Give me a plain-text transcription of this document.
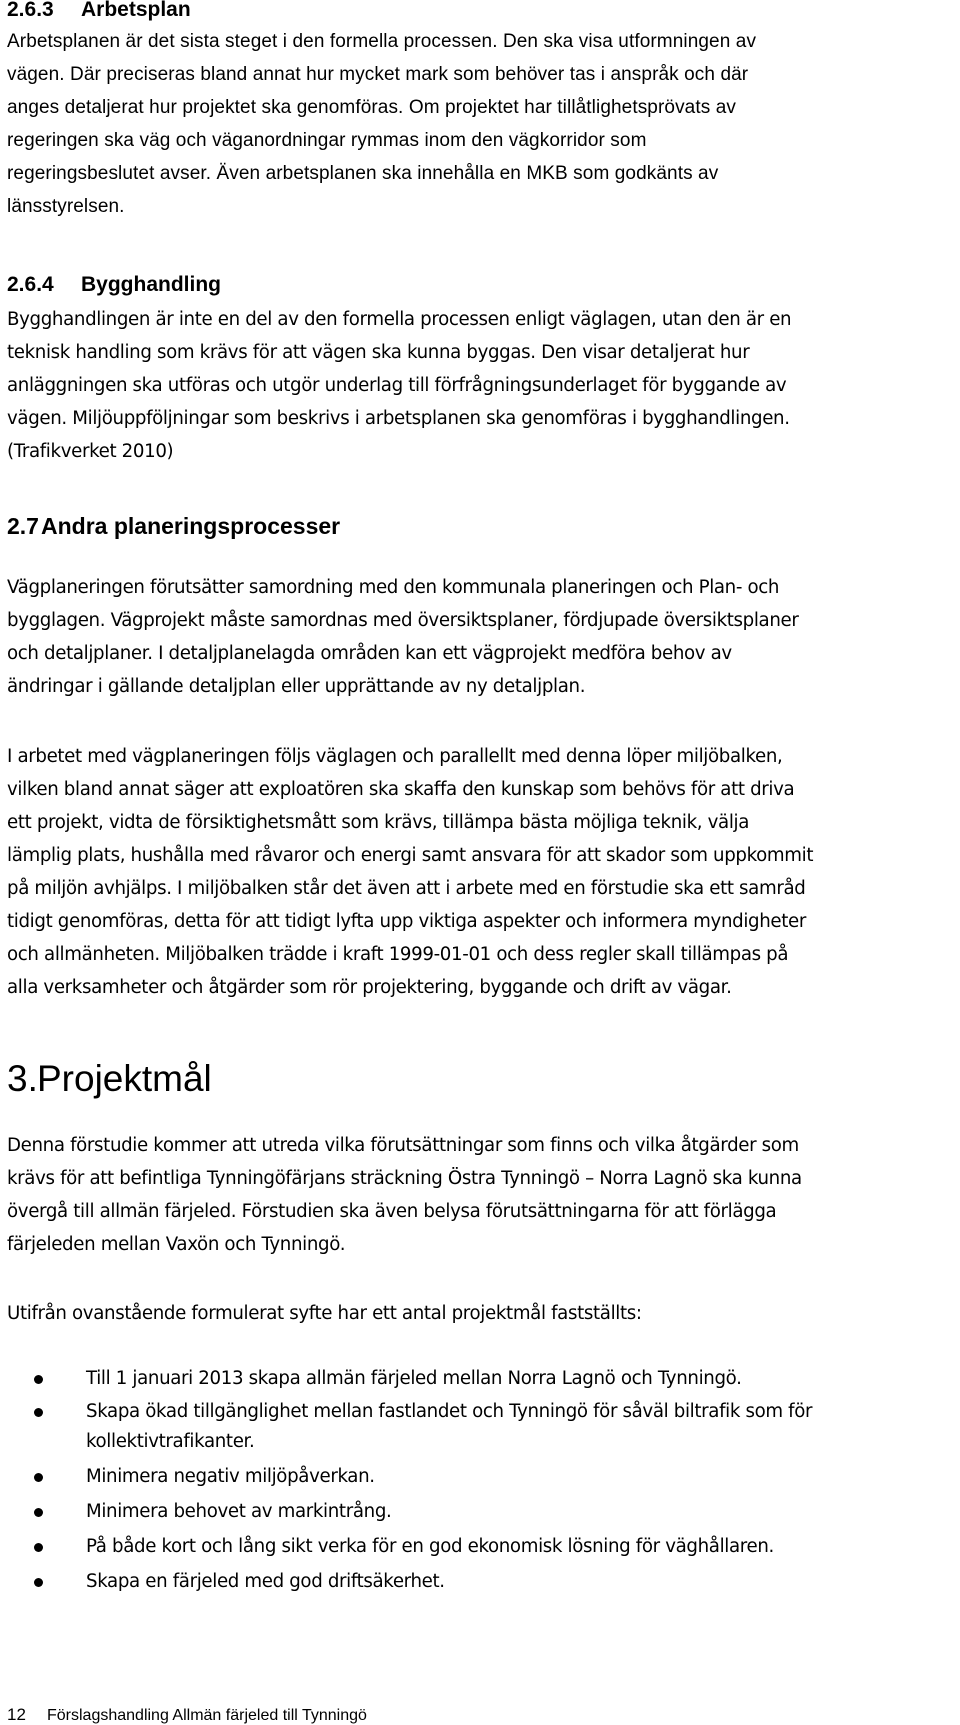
2.6.3 Arbetsplan
Arbetsplanen är det sista steget i den formella processen. Den ska visa utformningen av
vägen. Där preciseras bland annat hur mycket mark som behöver tas i anspråk och där
anges detaljerat hur projektet ska genomföras. Om projektet har tillåtlighetsprövats av
regeringen ska väg och väganordningar rymmas inom den vägkorridor som
regeringsbeslutet avser. Även arbetsplanen ska innehålla en MKB som godkänts av
länsstyrelsen.
2.6.4 Bygghandling
Bygghandlingen är inte en del av den formella processen enligt väglagen, utan den är en
teknisk handling som krävs för att vägen ska kunna byggas. Den visar detaljerat hur
anläggningen ska utföras och utgör underlag till förfrågningsunderlaget för byggande av
vägen. Miljöuppföljningar som beskrivs i arbetsplanen ska genomföras i bygghandlingen.
(Trafikverket 2010)
2.7Andra planeringsprocesser
Vägplaneringen förutsätter samordning med den kommunala planeringen och Plan- och
bygglagen. Vägprojekt måste samordnas med översiktsplaner, fördjupade översiktsplaner
och detaljplaner. I detaljplanelagda områden kan ett vägprojekt medföra behov av
ändringar i gällande detaljplan eller upprättande av ny detaljplan.
I arbetet med vägplaneringen följs väglagen och parallellt med denna löper miljöbalken,
vilken bland annat säger att exploatören ska skaffa den kunskap som behövs för att driva
ett projekt, vidta de försiktighetsmått som krävs, tillämpa bästa möjliga teknik, välja
lämplig plats, hushålla med råvaror och energi samt ansvara för att skador som uppkommit
på miljön avhjälps. I miljöbalken står det även att i arbete med en förstudie ska ett samråd
tidigt genomföras, detta för att tidigt lyfta upp viktiga aspekter och informera myndigheter
och allmänheten. Miljöbalken trädde i kraft 1999-01-01 och dess regler skall tillämpas på
alla verksamheter och åtgärder som rör projektering, byggande och drift av vägar.
3.Projektmål
Denna förstudie kommer att utreda vilka förutsättningar som finns och vilka åtgärder som
krävs för att befintliga Tynningöfärjans sträckning Östra Tynningö – Norra Lagnö ska kunna
övergå till allmän färjeled. Förstudien ska även belysa förutsättningarna för att förlägga
färjeleden mellan Vaxön och Tynningö.
Utifrån ovanstående formulerat syfte har ett antal projektmål fastställts:
Till 1 januari 2013 skapa allmän färjeled mellan Norra Lagnö och Tynningö.
Skapa ökad tillgänglighet mellan fastlandet och Tynningö för såväl biltrafik som för
kollektivtrafikanter.
Minimera negativ miljöpåverkan.
Minimera behovet av markintrång.
På både kort och lång sikt verka för en god ekonomisk lösning för väghållaren.
Skapa en färjeled med god driftsäkerhet.
12 Förslagshandling Allmän färjeled till Tynningö
